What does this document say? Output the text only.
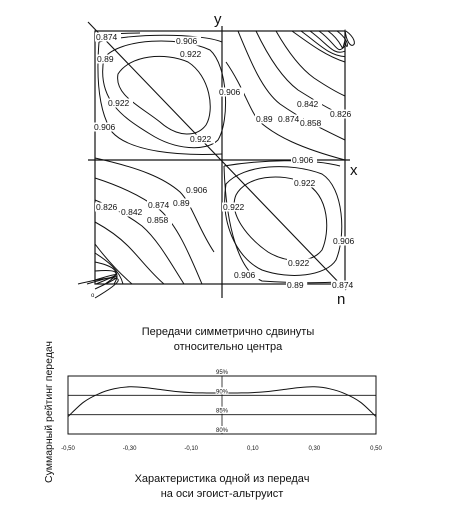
y
x
n
o
0.874	0.906
0.89	0.922
0.922
0.906
0.922
0.906
0.842
0.826
0.89 0.874 0.858
0.906
0.922
0.906
0.826 0.842
0.874 0.89
0.858
0.922
0.906
0.906
0.922
0.89	0.874
Передачи симметрично сдвинуты
относительно центра
95%
90%
85%
80%
-0,50	-0,30	-0,10	0,10	0,30	0,50
Суммарный рейтинг передач	Характеристика одной из передач
на оси эгоист-альтруист
